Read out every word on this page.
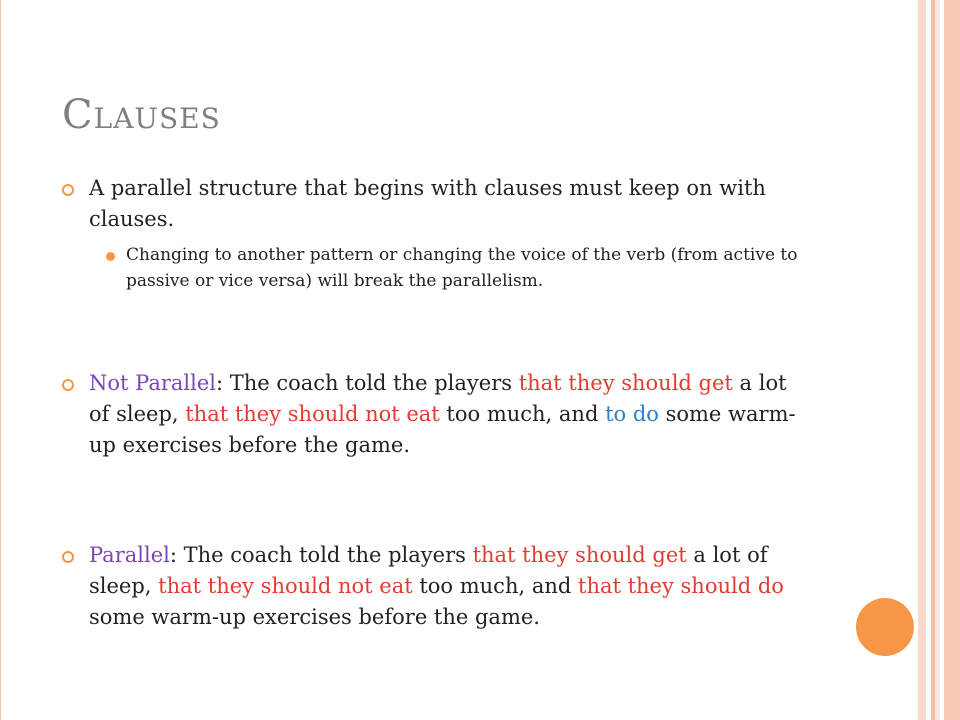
Clauses
A parallel structure that begins with clauses must keep on with clauses.
Changing to another pattern or changing the voice of the verb (from active to passive or vice versa) will break the parallelism.
Not Parallel: The coach told the players that they should get a lot of sleep, that they should not eat too much, and to do some warm-up exercises before the game.
Parallel: The coach told the players that they should get a lot of sleep, that they should not eat too much, and that they should do some warm-up exercises before the game.
